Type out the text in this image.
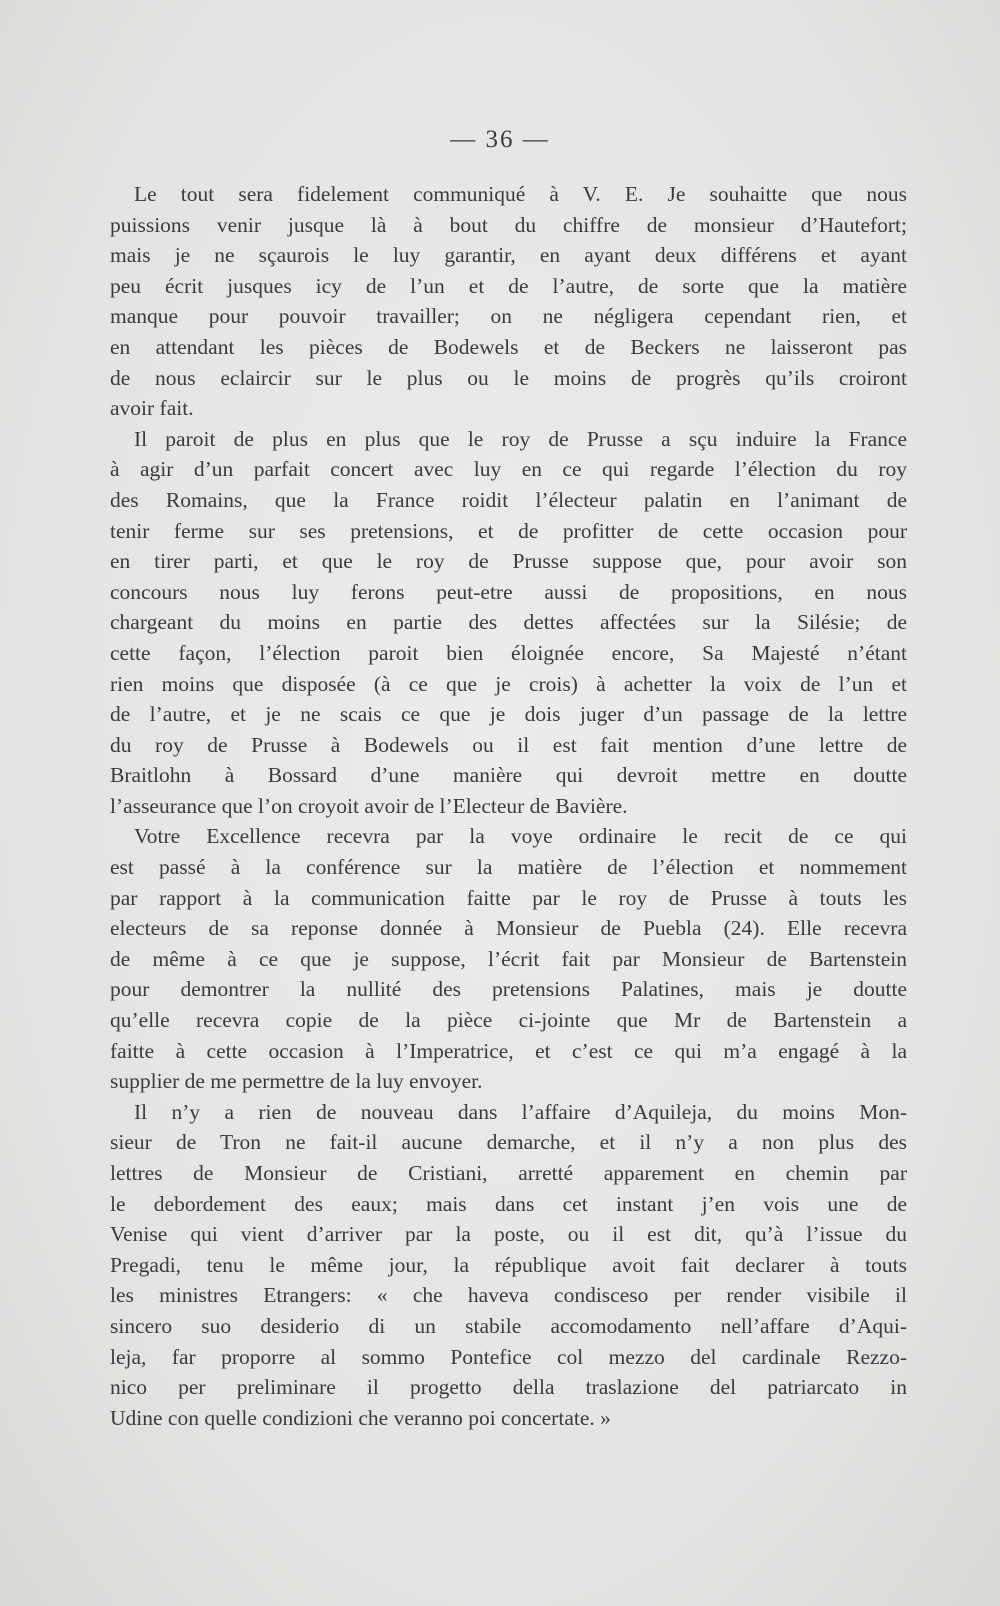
— 36 —
Le tout sera fidelement communiqué à V. E. Je souhaitte que nous
puissions venir jusque là à bout du chiffre de monsieur d’Hautefort;
mais je ne sçaurois le luy garantir, en ayant deux différens et ayant
peu écrit jusques icy de l’un et de l’autre, de sorte que la matière
manque pour pouvoir travailler; on ne négligera cependant rien, et
en attendant les pièces de Bodewels et de Beckers ne laisseront pas
de nous eclaircir sur le plus ou le moins de progrès qu’ils croiront
avoir fait.
Il paroit de plus en plus que le roy de Prusse a sçu induire la France
à agir d’un parfait concert avec luy en ce qui regarde l’élection du roy
des Romains, que la France roidit l’électeur palatin en l’animant de
tenir ferme sur ses pretensions, et de profitter de cette occasion pour
en tirer parti, et que le roy de Prusse suppose que, pour avoir son
concours nous luy ferons peut-etre aussi de propositions, en nous
chargeant du moins en partie des dettes affectées sur la Silésie; de
cette façon, l’élection paroit bien éloignée encore, Sa Majesté n’étant
rien moins que disposée (à ce que je crois) à achetter la voix de l’un et
de l’autre, et je ne scais ce que je dois juger d’un passage de la lettre
du roy de Prusse à Bodewels ou il est fait mention d’une lettre de
Braitlohn à Bossard d’une manière qui devroit mettre en doutte
l’asseurance que l’on croyoit avoir de l’Electeur de Bavière.
Votre Excellence recevra par la voye ordinaire le recit de ce qui
est passé à la conférence sur la matière de l’élection et nommement
par rapport à la communication faitte par le roy de Prusse à touts les
electeurs de sa reponse donnée à Monsieur de Puebla (24). Elle recevra
de même à ce que je suppose, l’écrit fait par Monsieur de Bartenstein
pour demontrer la nullité des pretensions Palatines, mais je doutte
qu’elle recevra copie de la pièce ci-jointe que Mr de Bartenstein a
faitte à cette occasion à l’Imperatrice, et c’est ce qui m’a engagé à la
supplier de me permettre de la luy envoyer.
Il n’y a rien de nouveau dans l’affaire d’Aquileja, du moins Mon-
sieur de Tron ne fait-il aucune demarche, et il n’y a non plus des
lettres de Monsieur de Cristiani, arretté apparement en chemin par
le debordement des eaux; mais dans cet instant j’en vois une de
Venise qui vient d’arriver par la poste, ou il est dit, qu’à l’issue du
Pregadi, tenu le même jour, la république avoit fait declarer à touts
les ministres Etrangers: « che haveva condisceso per render visibile il
sincero suo desiderio di un stabile accomodamento nell’affare d’Aqui-
leja, far proporre al sommo Pontefice col mezzo del cardinale Rezzo-
nico per preliminare il progetto della traslazione del patriarcato in
Udine con quelle condizioni che veranno poi concertate. »
